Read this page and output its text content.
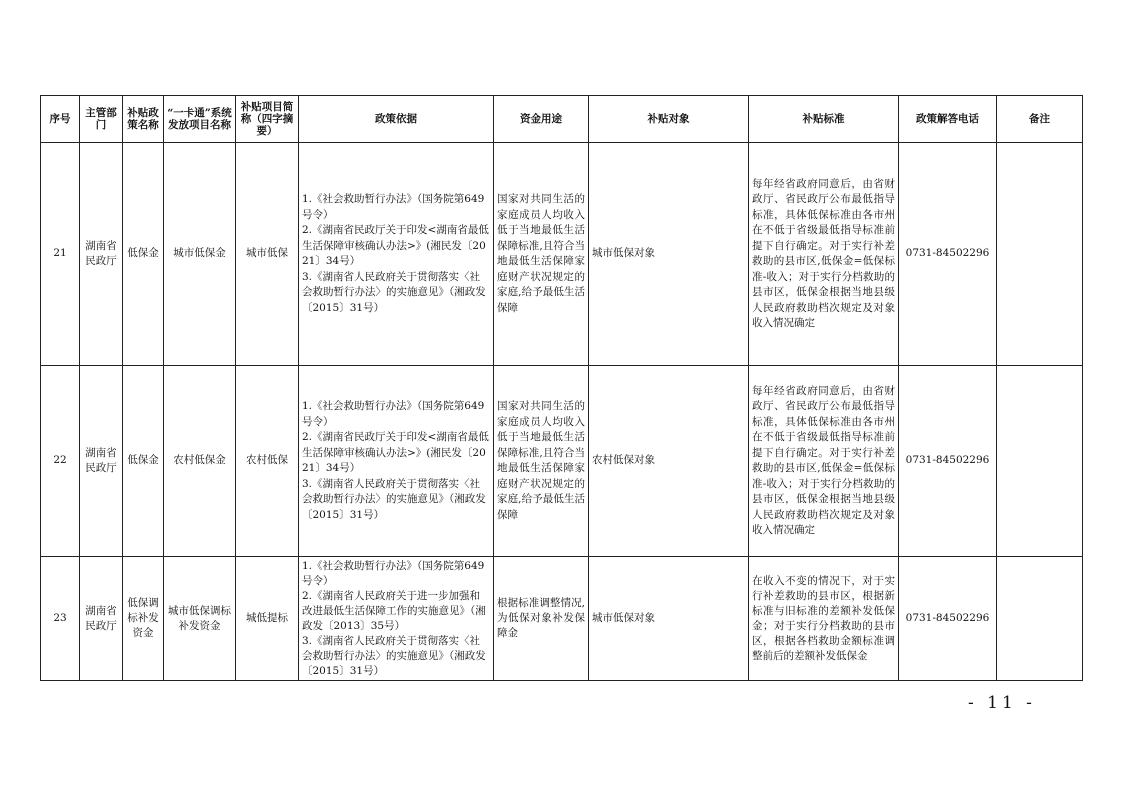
序号	主管部门	补贴政策名称	“一卡通”系统发放项目名称	补贴项目简称（四字摘要）	政策依据	资金用途	补贴对象	补贴标准	政策解答电话	备注
21	湖南省民政厅	低保金	城市低保金	城市低保	1.《社会救助暂行办法》（国务院第649号令）
2.《湖南省民政厅关于印发<湖南省最低生活保障审核确认办法>》(湘民发〔2021〕34号）
3.《湖南省人民政府关于贯彻落实〈社会救助暂行办法〉的实施意见》（湘政发〔2015〕31号）	国家对共同生活的家庭成员人均收入低于当地最低生活保障标准,且符合当地最低生活保障家庭财产状况规定的家庭,给予最低生活保障	城市低保对象	每年经省政府同意后，由省财政厅、省民政厅公布最低指导标准，具体低保标准由各市州在不低于省级最低指导标准前提下自行确定。对于实行补差救助的县市区,低保金=低保标准-收入；对于实行分档救助的县市区，低保金根据当地县级人民政府救助档次规定及对象收入情况确定	0731-84502296	
22	湖南省民政厅	低保金	农村低保金	农村低保	1.《社会救助暂行办法》（国务院第649号令）
2.《湖南省民政厅关于印发<湖南省最低生活保障审核确认办法>》(湘民发〔2021〕34号）
3.《湖南省人民政府关于贯彻落实〈社会救助暂行办法〉的实施意见》（湘政发〔2015〕31号）	国家对共同生活的家庭成员人均收入低于当地最低生活保障标准,且符合当地最低生活保障家庭财产状况规定的家庭,给予最低生活保障	农村低保对象	每年经省政府同意后，由省财政厅、省民政厅公布最低指导标准，具体低保标准由各市州在不低于省级最低指导标准前提下自行确定。对于实行补差救助的县市区,低保金=低保标准-收入；对于实行分档救助的县市区，低保金根据当地县级人民政府救助档次规定及对象收入情况确定	0731-84502296	
23	湖南省民政厅	低保调标补发资金	城市低保调标补发资金	城低提标	1.《社会救助暂行办法》（国务院第649号令）
2.《湖南省人民政府关于进一步加强和改进最低生活保障工作的实施意见》（湘政发〔2013〕35号）
3.《湖南省人民政府关于贯彻落实〈社会救助暂行办法〉的实施意见》（湘政发〔2015〕31号）	根据标准调整情况,为低保对象补发保障金	城市低保对象	在收入不变的情况下，对于实行补差救助的县市区，根据新标准与旧标准的差额补发低保金；对于实行分档救助的县市区，根据各档救助金额标准调整前后的差额补发低保金	0731-84502296	
- 11 -
